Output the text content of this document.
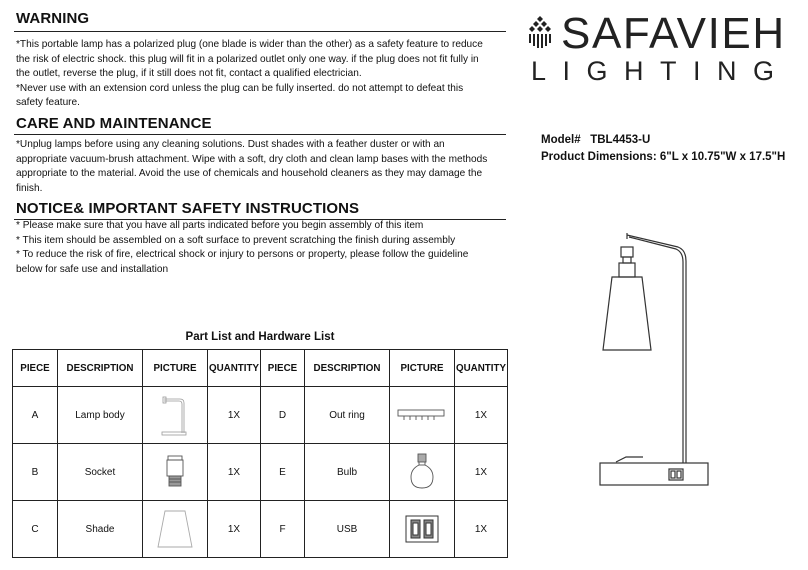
WARNING

*This portable lamp has a polarized plug (one blade is wider than the other) as a safety feature to reduce

the risk of electric shock. this plug will fit in a polarized outlet only one way. if the plug does not fit fully in

the outlet, reverse the plug, if it still does not fit, contact a qualified electrician.

*Never use with an extension cord unless the plug can be fully inserted. do not attempt to defeat this

safety feature.

CARE AND MAINTENANCE

*Unplug lamps before using any cleaning solutions. Dust shades with a feather duster or with an

appropriate vacuum-brush attachment. Wipe with a soft, dry cloth and clean lamp bases with the methods

appropriate to the material. Avoid the use of chemicals and household cleaners as they may damage the

finish.

NOTICE& IMPORTANT SAFETY INSTRUCTIONS

* Please make sure that you have all parts indicated before you begin assembly of this item

* This item should be assembled on a soft surface to prevent scratching the finish during assembly

* To reduce the risk of fire, electrical shock or injury to persons or property, please follow the guideline

below for safe use and installation

SAFAVIEH
LIGHTING
Model# TBL4453-U
Product Dimensions: 6"L x 10.75"W x 17.5"H
Part List and Hardware List
PIECE	DESCRIPTION	PICTURE	QUANTITY	PIECE	DESCRIPTION	PICTURE	QUANTITY
A	Lamp body		1X	D	Out ring		1X
B	Socket		1X	E	Bulb		1X
C	Shade		1X	F	USB		1X
